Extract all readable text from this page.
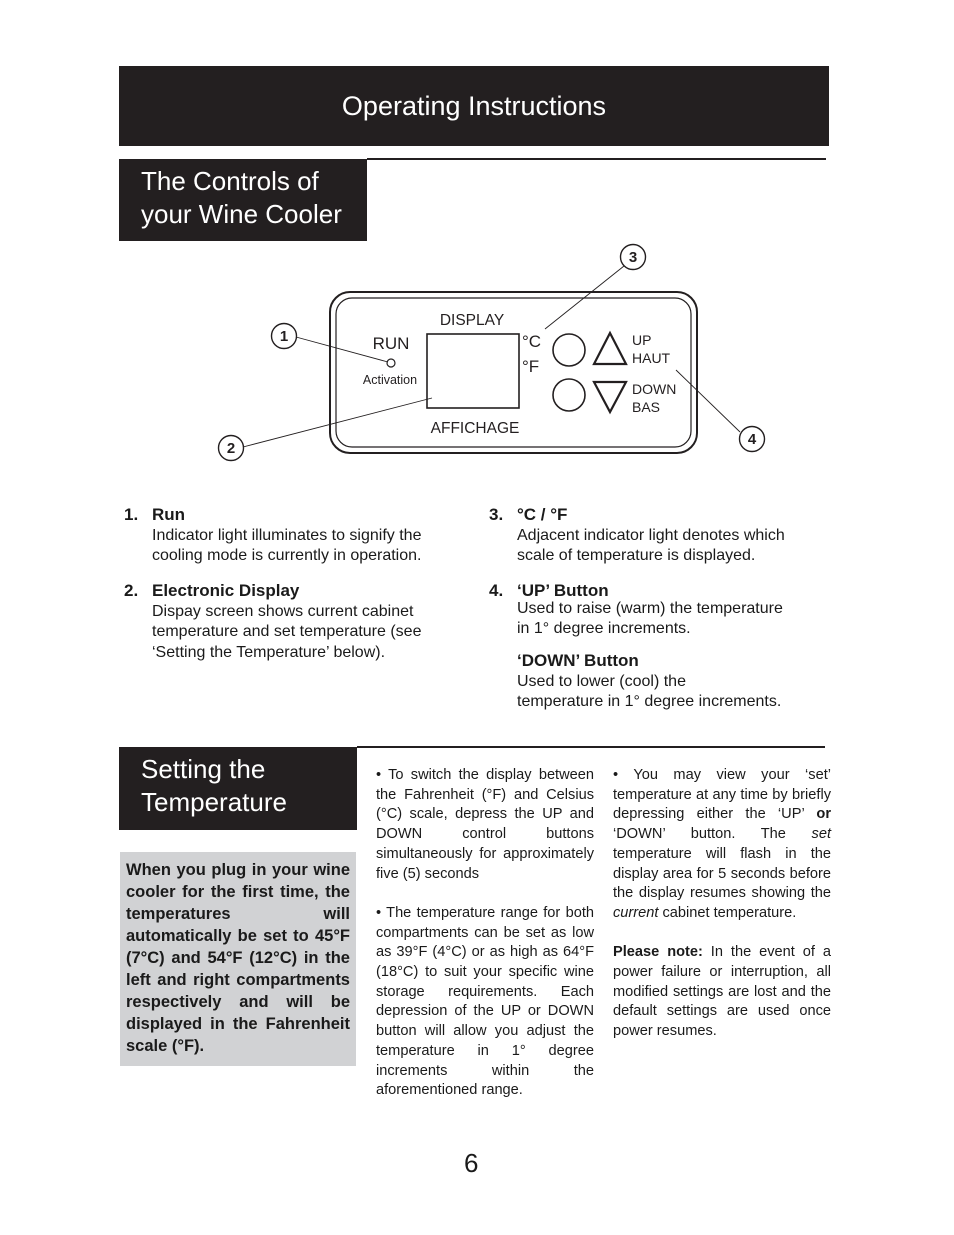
Operating Instructions
The Controls of
your Wine Cooler
DISPLAY
AFFICHAGE
RUN
Activation
°C
°F
UP
HAUT
DOWN
BAS
1
2
3
4
1. Run
Indicator light illuminates to signify the
cooling mode is currently in operation.
2. Electronic Display
Dispay screen shows current cabinet
temperature and set temperature (see
‘Setting the Temperature’ below).
3. °C / °F
Adjacent indicator light denotes which
scale of temperature is displayed.
4. ‘UP’ Button
Used to raise (warm) the temperature
in 1° degree increments.
‘DOWN’ Button
Used to lower (cool) the
temperature in 1° degree increments.
Setting the
Temperature
When you plug in your wine cooler for the first time, the temperatures will automatically be set to 45°F (7°C) and 54°F (12°C) in the left and right compartments respectively and will be displayed in the Fahrenheit scale (°F).

• To switch the display between the Fahrenheit (°F) and Celsius (°C) scale, depress the UP and DOWN control buttons simultaneously for approximately five (5) seconds

• The temperature range for both compartments can be set as low as 39°F (4°C) or as high as 64°F (18°C) to suit your specific wine storage requirements. Each depression of the UP or DOWN button will allow you adjust the temperature in 1° degree increments within the aforementioned range.

• You may view your ‘set’ temperature at any time by briefly depressing either the ‘UP’ or ‘DOWN’ button. The set temperature will flash in the display area for 5 seconds before the display resumes showing the current cabinet temperature.

Please note: In the event of a power failure or interruption, all modified settings are lost and the default settings are used once power resumes.

6
